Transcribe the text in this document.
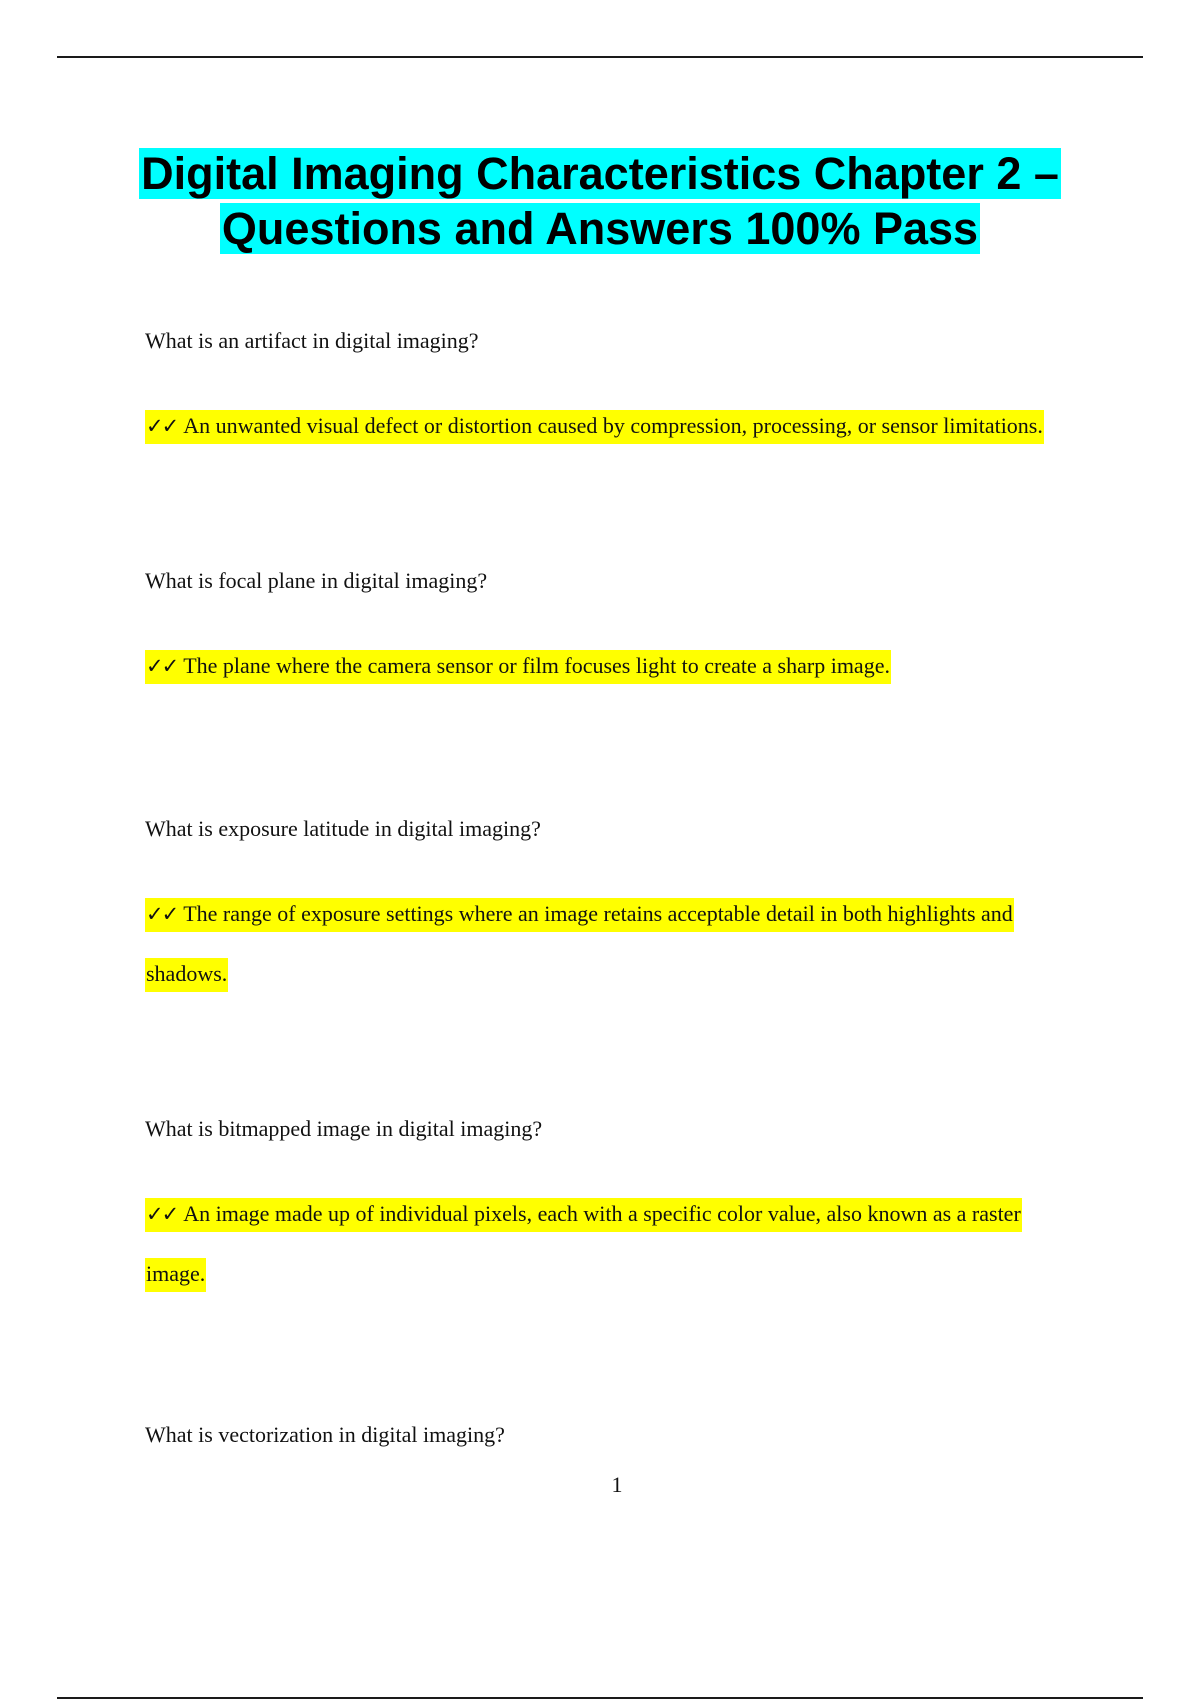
Digital Imaging Characteristics Chapter 2 – Questions and Answers 100% Pass

What is an artifact in digital imaging?

✓✓ An unwanted visual defect or distortion caused by compression, processing, or sensor limitations.

What is focal plane in digital imaging?

✓✓ The plane where the camera sensor or film focuses light to create a sharp image.

What is exposure latitude in digital imaging?

✓✓ The range of exposure settings where an image retains acceptable detail in both highlights and shadows.

What is bitmapped image in digital imaging?

✓✓ An image made up of individual pixels, each with a specific color value, also known as a raster image.

What is vectorization in digital imaging?

1
